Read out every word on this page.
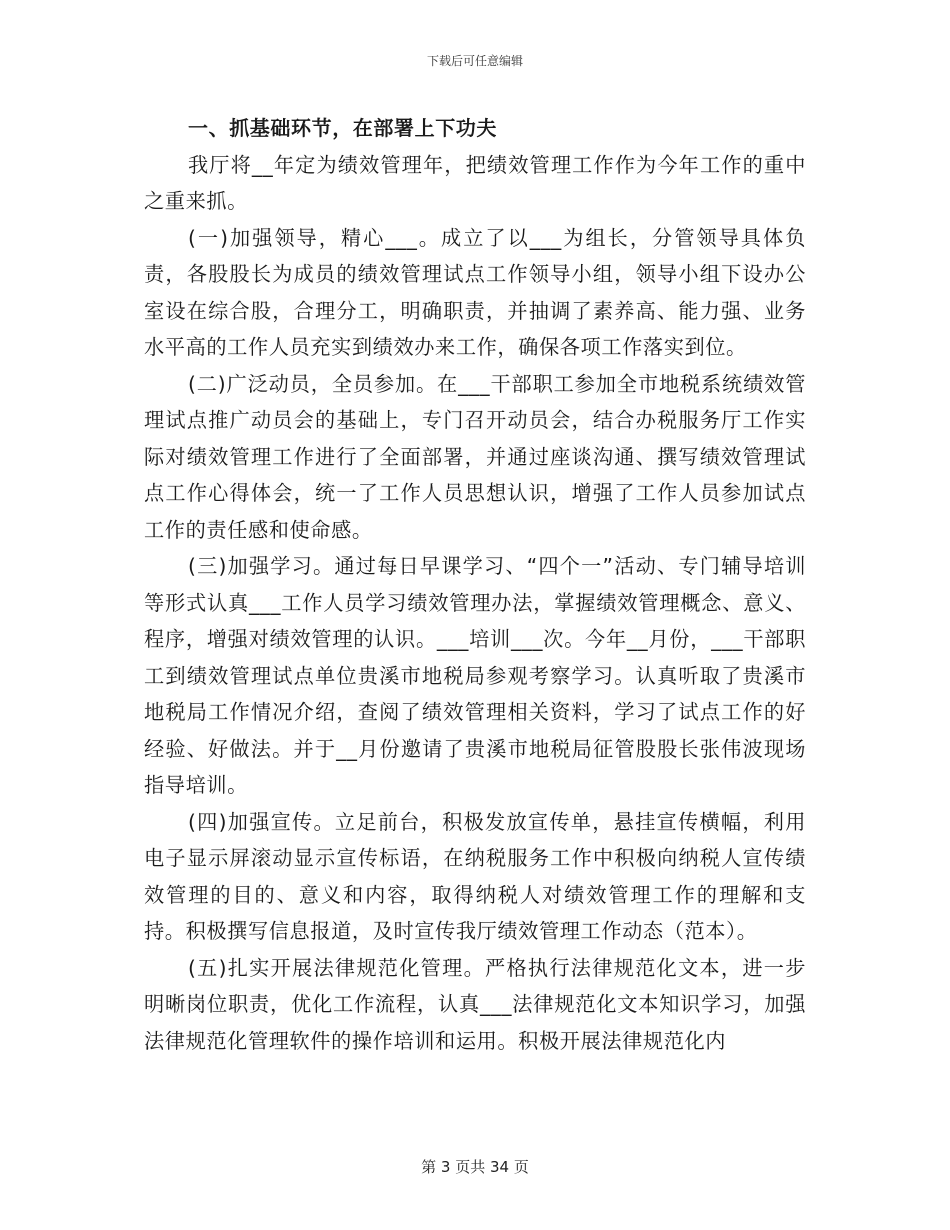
下载后可任意编辑

一、抓基础环节，在部署上下功夫

我厅将__年定为绩效管理年，把绩效管理工作作为今年工作的重中之重来抓。

(一)加强领导，精心___。成立了以___为组长，分管领导具体负责，各股股长为成员的绩效管理试点工作领导小组，领导小组下设办公室设在综合股，合理分工，明确职责，并抽调了素养高、能力强、业务水平高的工作人员充实到绩效办来工作，确保各项工作落实到位。

(二)广泛动员，全员参加。在___干部职工参加全市地税系统绩效管理试点推广动员会的基础上，专门召开动员会，结合办税服务厅工作实际对绩效管理工作进行了全面部署，并通过座谈沟通、撰写绩效管理试点工作心得体会，统一了工作人员思想认识，增强了工作人员参加试点工作的责任感和使命感。

(三)加强学习。通过每日早课学习、“四个一”活动、专门辅导培训等形式认真___工作人员学习绩效管理办法，掌握绩效管理概念、意义、程序，增强对绩效管理的认识。___培训___次。今年__月份，___干部职工到绩效管理试点单位贵溪市地税局参观考察学习。认真听取了贵溪市地税局工作情况介绍，查阅了绩效管理相关资料，学习了试点工作的好经验、好做法。并于__月份邀请了贵溪市地税局征管股股长张伟波现场指导培训。

(四)加强宣传。立足前台，积极发放宣传单，悬挂宣传横幅，利用电子显示屏滚动显示宣传标语，在纳税服务工作中积极向纳税人宣传绩效管理的目的、意义和内容，取得纳税人对绩效管理工作的理解和支持。积极撰写信息报道，及时宣传我厅绩效管理工作动态（范本）。

(五)扎实开展法律规范化管理。严格执行法律规范化文本，进一步明晰岗位职责，优化工作流程，认真___法律规范化文本知识学习，加强法律规范化管理软件的操作培训和运用。积极开展法律规范化内

第 3 页共 34 页
